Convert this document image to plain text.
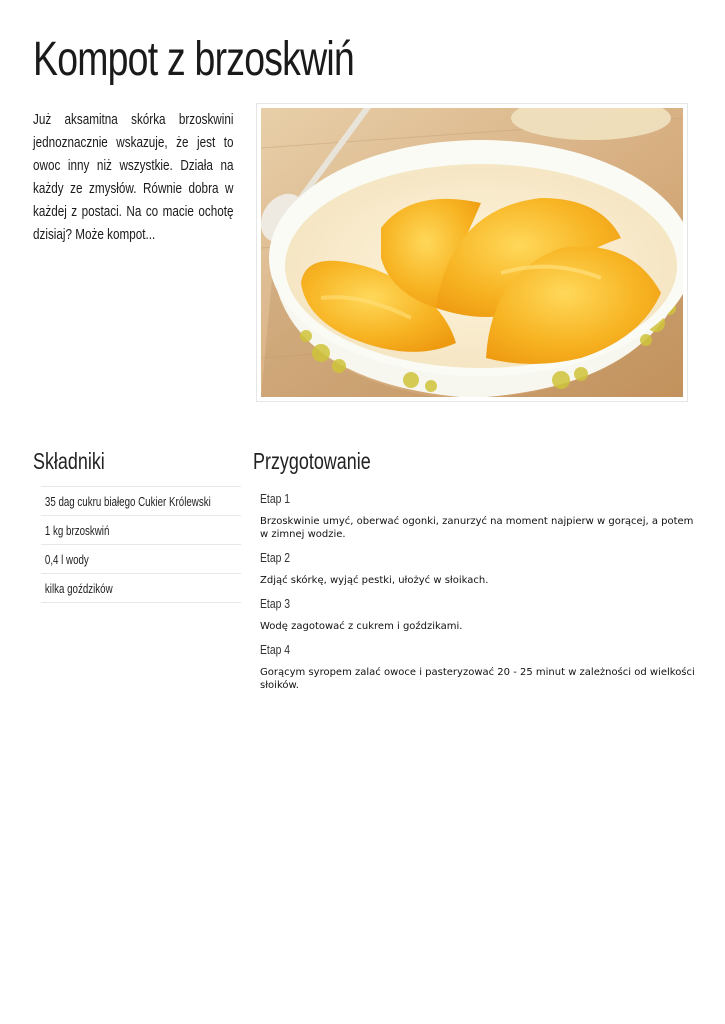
Kompot z brzoskwiń

Już aksamitna skórka brzoskwini jednoznacznie wskazuje, że jest to owoc inny niż wszystkie. Działa na każdy ze zmysłów. Równie dobra w każdej z postaci. Na co macie ochotę dzisiaj? Może kompot...

Składniki
35 dag cukru białego Cukier Królewski
1 kg brzoskwiń
0,4 l wody
kilka goździków
Przygotowanie
Etap 1
Brzoskwinie umyć, oberwać ogonki, zanurzyć na moment najpierw w gorącej, a potem w zimnej wodzie.
Etap 2
Zdjąć skórkę, wyjąć pestki, ułożyć w słoikach.
Etap 3
Wodę zagotować z cukrem i goździkami.
Etap 4
Gorącym syropem zalać owoce i pasteryzować 20 - 25 minut w zależności od wielkości słoików.
